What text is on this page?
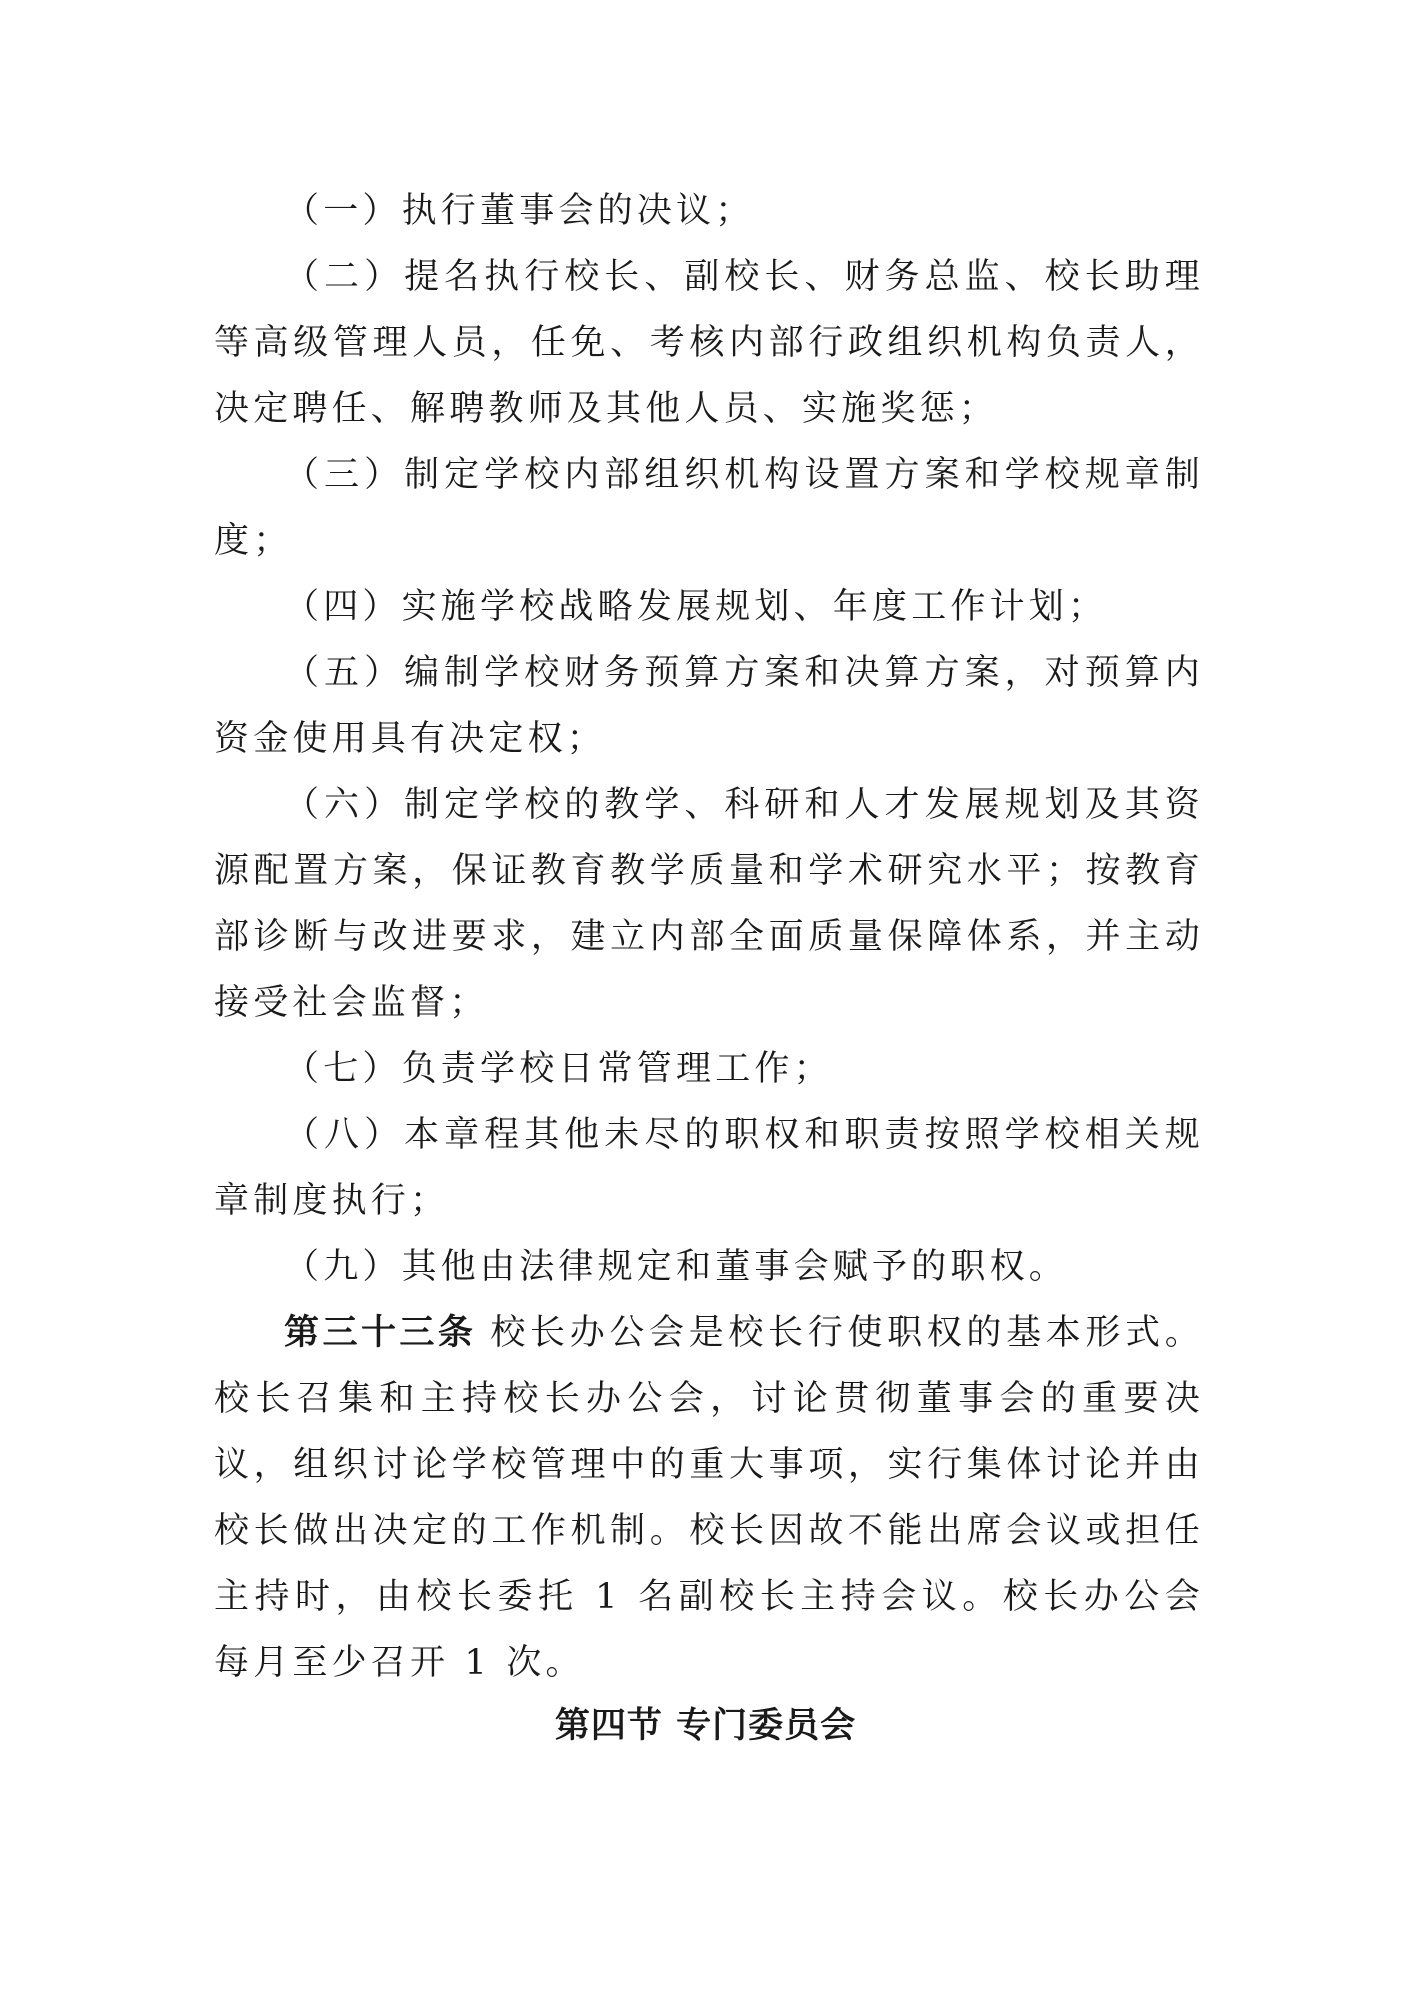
（一）执行董事会的决议；

（二）提名执行校长、副校长、财务总监、校长助理等高级管理人员，任免、考核内部行政组织机构负责人，决定聘任、解聘教师及其他人员、实施奖惩；

（三）制定学校内部组织机构设置方案和学校规章制度；

（四）实施学校战略发展规划、年度工作计划；

（五）编制学校财务预算方案和决算方案，对预算内资金使用具有决定权；

（六）制定学校的教学、科研和人才发展规划及其资源配置方案，保证教育教学质量和学术研究水平；按教育部诊断与改进要求，建立内部全面质量保障体系，并主动接受社会监督；

（七）负责学校日常管理工作；

（八）本章程其他未尽的职权和职责按照学校相关规章制度执行；

（九）其他由法律规定和董事会赋予的职权。

第三十三条 校长办公会是校长行使职权的基本形式。校长召集和主持校长办公会，讨论贯彻董事会的重要决议，组织讨论学校管理中的重大事项，实行集体讨论并由校长做出决定的工作机制。校长因故不能出席会议或担任主持时，由校长委托 1 名副校长主持会议。校长办公会每月至少召开 1 次。

第四节 专门委员会
